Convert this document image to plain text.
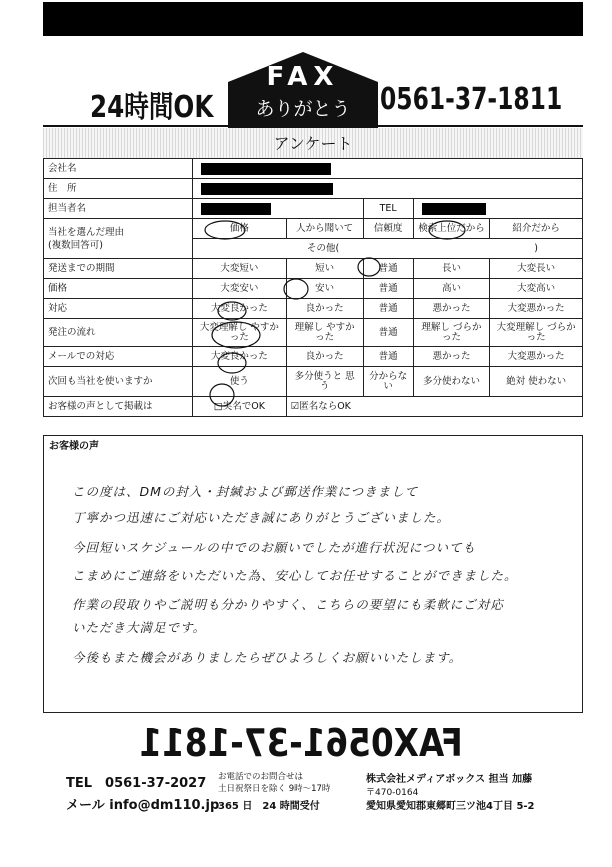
24時間OK
FAX
ありがとう 0561-37-1811
アンケート
会社名					
住　所					
担当者名			TEL		
当社を選んだ理由
(複数回答可)	価格	人から聞いて	信頼度	検索上位だから	紹介だから
	その他( )				

発送までの期間	大変短い	短い	普通	長い	大変長い
価格	大変安い	安い	普通	高い	大変高い
対応	大変良かった	良かった	普通	悪かった	大変悪かった
発注の流れ	大変理解し やすかった	理解し やすかった	普通	理解し づらかった	大変理解し づらかった
メールでの対応	大変良かった	良かった	普通	悪かった	大変悪かった
次回も当社を使いますか	使う	多分使うと 思う	分からない	多分使わない	絶対 使わない
お客様の声として掲載は	□実名でOK	☑匿名ならOK			
お客様の声
この度は、DMの封入・封緘および郵送作業につきまして
丁寧かつ迅速にご対応いただき誠にありがとうございました。
今回短いスケジュールの中でのお願いでしたが進行状況についても
こまめにご連絡をいただいた為、安心してお任せすることができました。
作業の段取りやご説明も分かりやすく、こちらの要望にも柔軟にご対応
いただき大満足です。
今後もまた機会がありましたらぜひよろしくお願いいたします。
FAX0561-37-1811
TEL　0561-37-2027
メール info@dm110.jp
お電話でのお問合せは
土日祝祭日を除く 9時〜17時
365 日　24 時間受付
株式会社メディアボックス 担当 加藤
〒470-0164
愛知県愛知郡東郷町三ツ池4丁目 5-2
